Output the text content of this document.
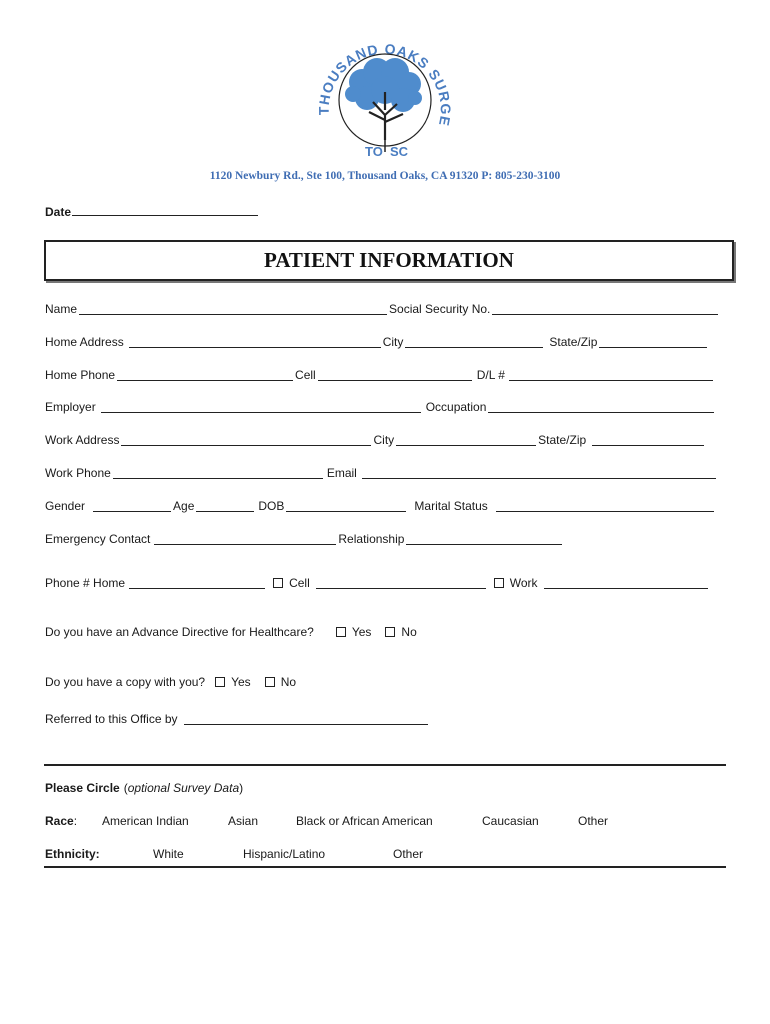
THOUSAND OAKS SURGE
TO SC
1120 Newbury Rd., Ste 100, Thousand Oaks, CA 91320 P: 805-230-3100
Date
PATIENT INFORMATION
Name	Social Security No.
Home Address	City	State/Zip
Home Phone	Cell	D/L #
Employer	Occupation
Work Address	City	State/Zip
Work Phone	Email
Gender	Age	DOB	Marital Status
Emergency Contact	Relationship
Phone # Home	Cell	Work
Do you have an Advance Directive for Healthcare?	Yes	No
Do you have a copy with you? Yes	No
Referred to this Office by
Please Circle ( optional Survey Data )
Race:	American Indian	Asian	Black or African American	Caucasian	Other
Ethnicity:	White	Hispanic/Latino	Other
